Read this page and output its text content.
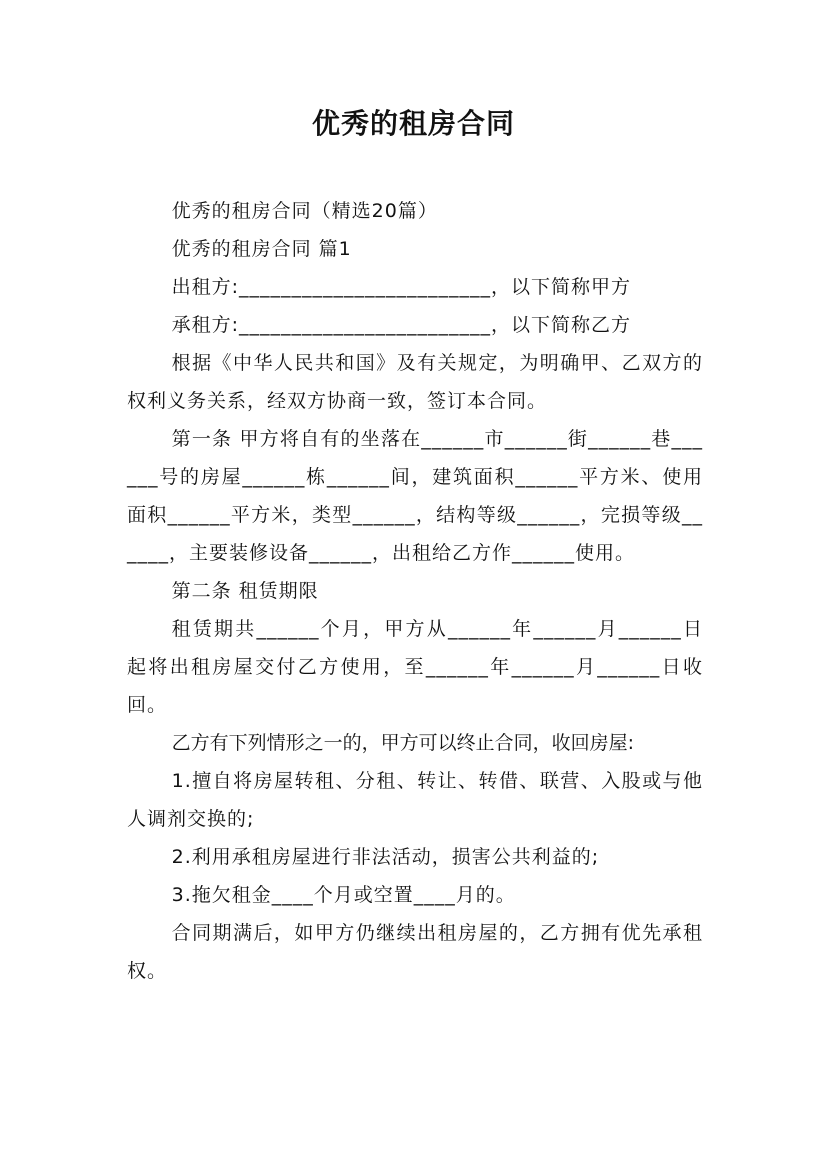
优秀的租房合同

优秀的租房合同（精选20篇）

优秀的租房合同 篇1

出租方:________________________，以下简称甲方

承租方:________________________，以下简称乙方

根据《中华人民共和国》及有关规定，为明确甲、乙双方的权利义务关系，经双方协商一致，签订本合同。

第一条 甲方将自有的坐落在______市______街______巷______号的房屋______栋______间，建筑面积______平方米、使用面积______平方米，类型______，结构等级______，完损等级______，主要装修设备______，出租给乙方作______使用。

第二条 租赁期限

租赁期共______个月，甲方从______年______月______日起将出租房屋交付乙方使用，至______年______月______日收回。

乙方有下列情形之一的，甲方可以终止合同，收回房屋:

1.擅自将房屋转租、分租、转让、转借、联营、入股或与他人调剂交换的;

2.利用承租房屋进行非法活动，损害公共利益的;

3.拖欠租金____个月或空置____月的。

合同期满后，如甲方仍继续出租房屋的，乙方拥有优先承租权。
